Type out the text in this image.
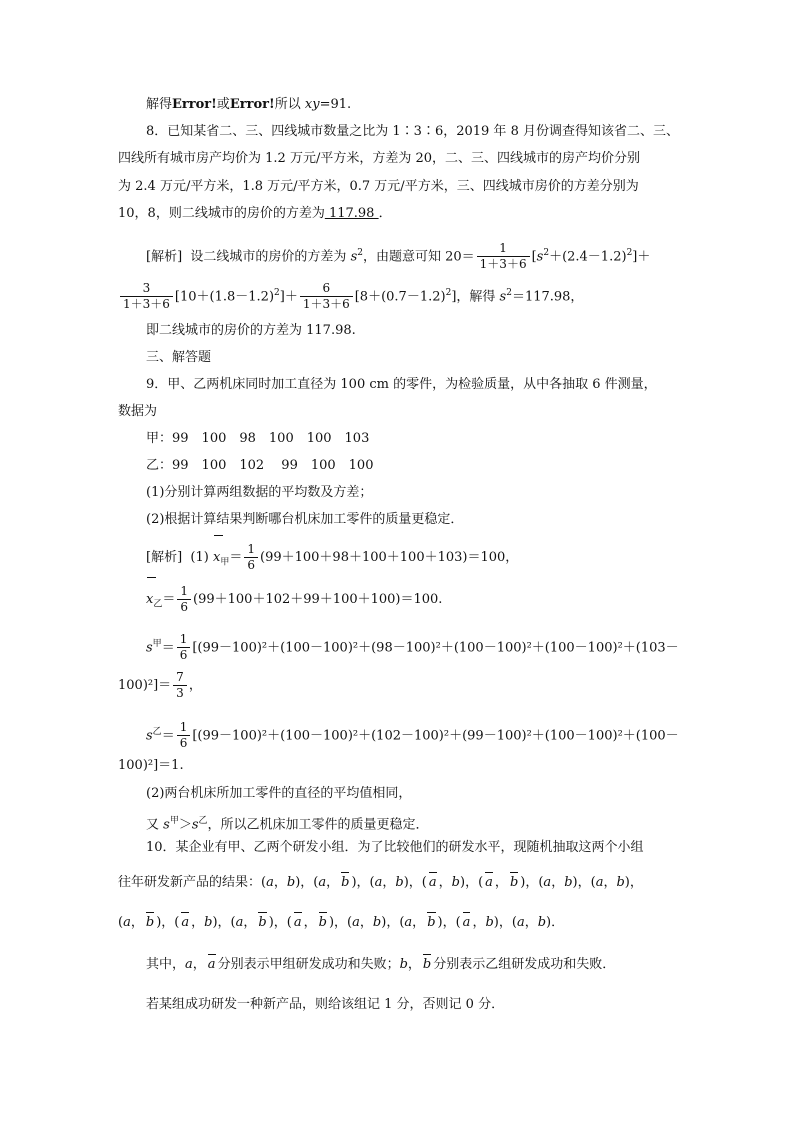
解得Error!或Error!所以 xy=91.
8．已知某省二、三、四线城市数量之比为 1∶3∶6，2019 年 8 月份调查得知该省二、三、
四线所有城市房产均价为 1.2 万元/平方米，方差为 20，二、三、四线城市的房产均价分别
为 2.4 万元/平方米，1.8 万元/平方米，0.7 万元/平方米，三、四线城市房价的方差分别为
10，8，则二线城市的房价的方差为 117.98 ．
[解析] 设二线城市的房价的方差为 $s^2$，由题意可知 $20= \frac{1}{1+3+6} [s^2+(2.4-1.2)^2]+$
$\frac{3}{1+3+6} [10+(1.8-1.2)^2]+ \frac{6}{1+3+6} [8+(0.7-1.2)^2]$，解得 $s^2=117.98$，
即二线城市的房价的方差为 117.98.
三、解答题
9．甲、乙两机床同时加工直径为 100 cm 的零件，为检验质量，从中各抽取 6 件测量，
数据为
甲：99　100　98　100　100　103
乙：99　100　102　 99　100　100
(1)分别计算两组数据的平均数及方差；
(2)根据计算结果判断哪台机床加工零件的质量更稳定．
[解析] (1) $x_甲= \frac{1}{6} (99+100+98+100+100+103)=100$，
$x_乙= \frac{1}{6} (99+100+102+99+100+100)=100$.
$s^甲= \frac{1}{6} [(99-100)^2+(100-100)^2+(98-100)^2+(100-100)^2+(100-100)^2+(103-$
$100)^2]= \frac{7}{3}$ ，
$s^乙= \frac{1}{6} [(99-100)^2+(100-100)^2+(102-100)^2+(99-100)^2+(100-100)^2+(100-$
100)²]＝1.
(2)两台机床所加工零件的直径的平均值相同，
又 $s^甲>s^乙$，所以乙机床加工零件的质量更稳定．
10．某企业有甲、乙两个研发小组．为了比较他们的研发水平，现随机抽取这两个小组
往年研发新产品的结果：(a，b)，(a， b )，(a，b)，( a ，b)，( a ， b )，(a，b)，(a，b)，
(a， b )，( a ，b)，(a， b )，( a ， b )，(a，b)，(a， b )，( a ，b)，(a，b)．
其中，a， a 分别表示甲组研发成功和失败；b， b 分别表示乙组研发成功和失败．
若某组成功研发一种新产品，则给该组记 1 分，否则记 0 分．
